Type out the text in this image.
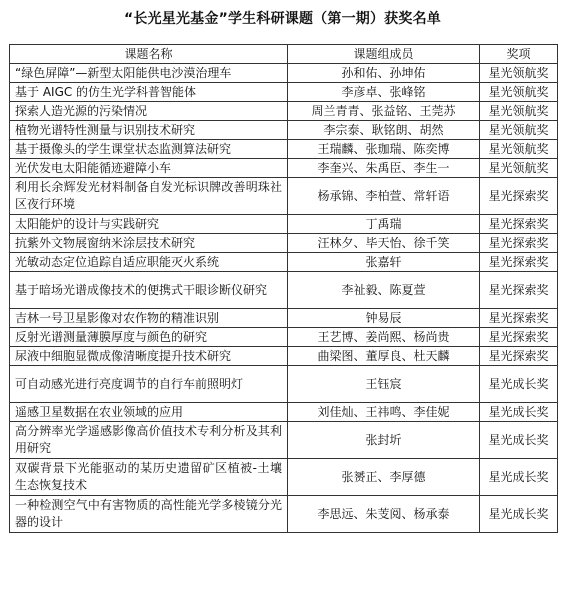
“长光星光基金”学生科研课题（第一期）获奖名单
课题名称	课题组成员	奖项
“绿色屏障”—新型太阳能供电沙漠治理车	孙和佑、孙坤佑	星光领航奖
基于 AIGC 的仿生光学科普智能体	李彦卓、张峰铭	星光领航奖
探索人造光源的污染情况	周兰青青、张益铭、王莞苏	星光领航奖
植物光谱特性测量与识别技术研究	李宗泰、耿铭朗、胡然	星光领航奖
基于摄像头的学生课堂状态监测算法研究	王瑞麟、张珈瑞、陈奕博	星光领航奖
光伏发电太阳能循迹避障小车	李奎兴、朱禹臣、李生一	星光领航奖
利用长余辉发光材料制备自发光标识牌改善明珠社区夜行环境	杨承锦、李柏萱、常轩语	星光探索奖
太阳能炉的设计与实践研究	丁禹瑞	星光探索奖
抗紫外文物展窗纳米涂层技术研究	汪林夕、毕天怡、徐千笑	星光探索奖
光敏动态定位追踪自适应职能灭火系统	张嘉轩	星光探索奖
基于暗场光谱成像技术的便携式干眼诊断仪研究	李祉毅、陈夏萱	星光探索奖
吉林一号卫星影像对农作物的精准识别	钟易辰	星光探索奖
反射光谱测量薄膜厚度与颜色的研究	王艺博、姜尚熙、杨尚贵	星光探索奖
尿液中细胞显微成像清晰度提升技术研究	曲梁图、董厚良、杜天麟	星光探索奖
可自动感光进行亮度调节的自行车前照明灯	王钰宸	星光成长奖
遥感卫星数据在农业领域的应用	刘佳灿、王祎鸣、李佳妮	星光成长奖
高分辨率光学遥感影像高价值技术专利分析及其利用研究	张封圻	星光成长奖
双碳背景下光能驱动的某历史遗留矿区植被-土壤生态恢复技术	张赟正、李厚德	星光成长奖
一种检测空气中有害物质的高性能光学多棱镜分光器的设计	李思远、朱芰阅、杨承泰	星光成长奖
